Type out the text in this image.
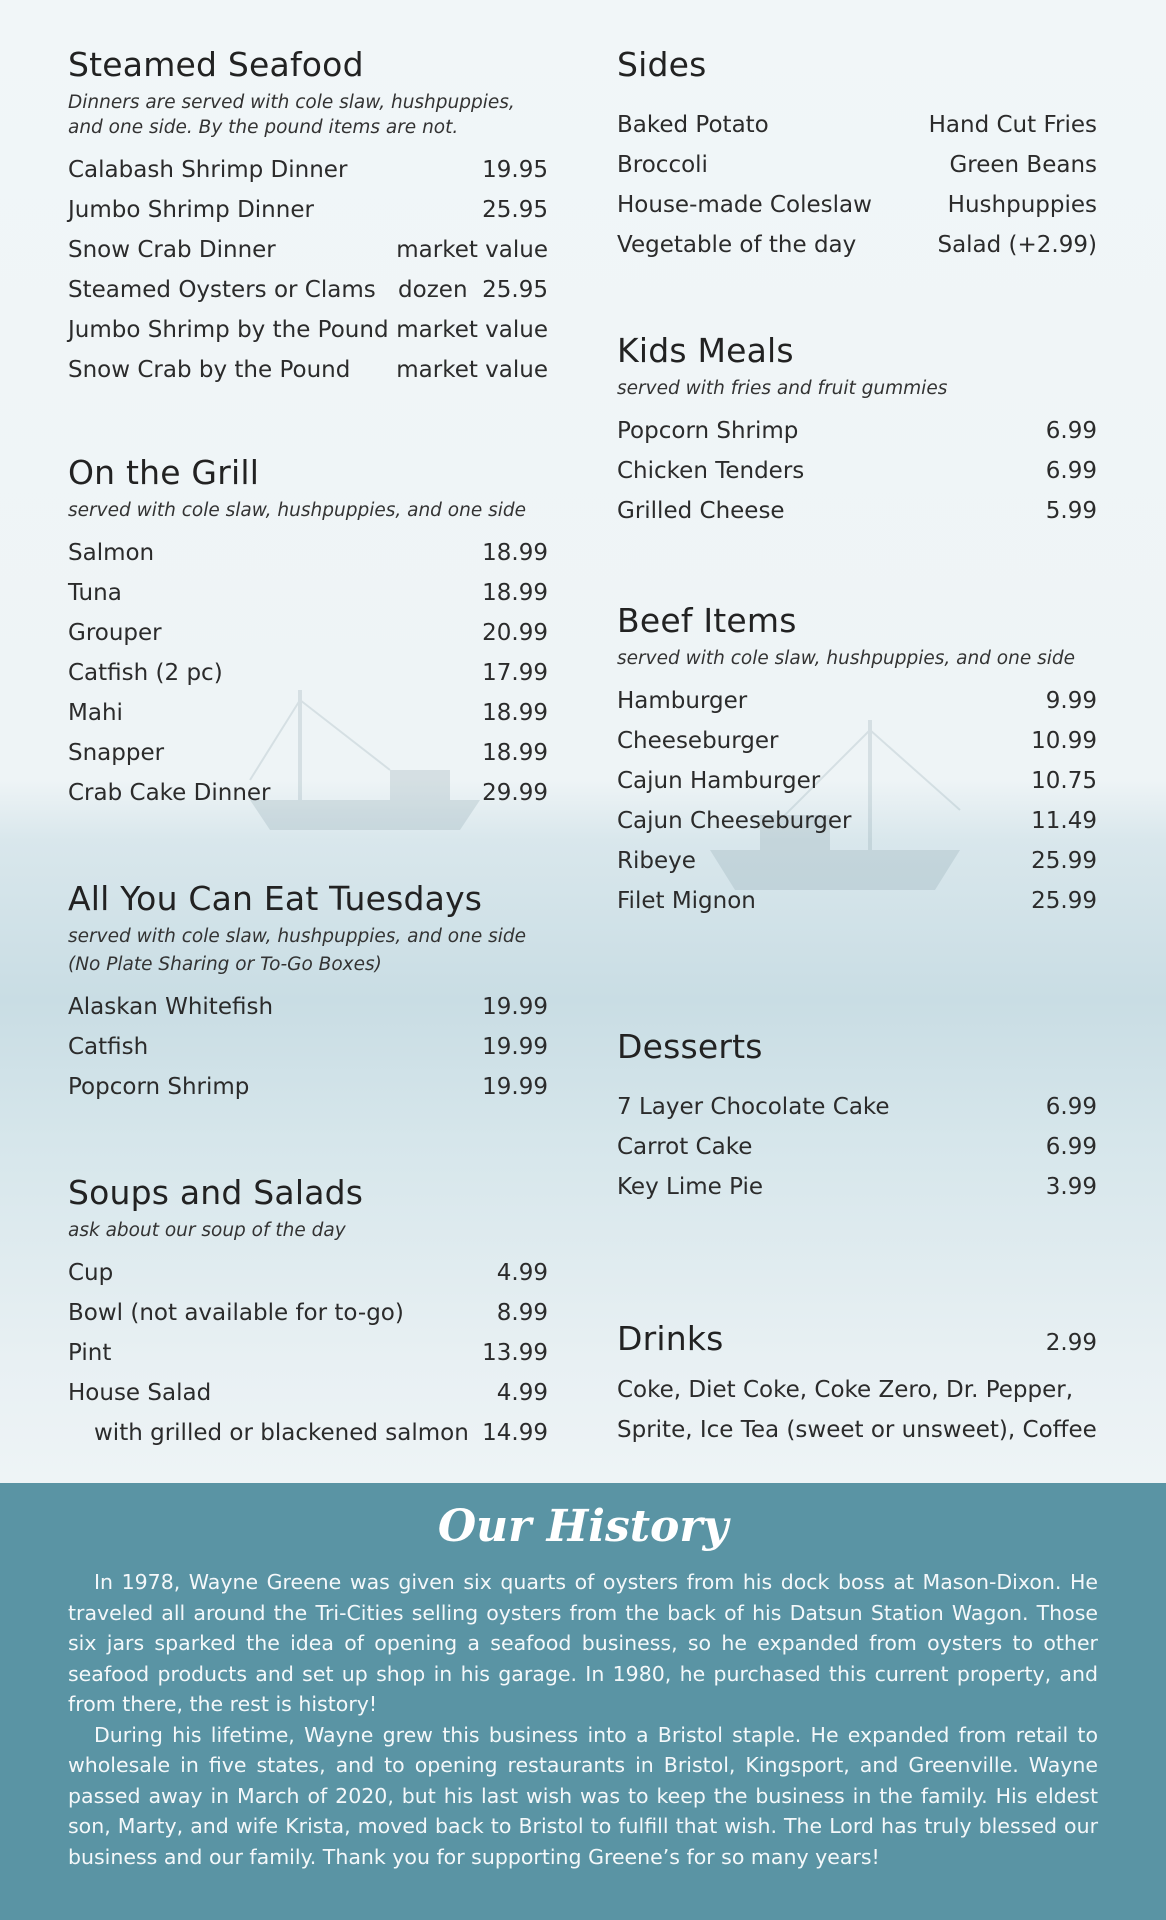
Steamed Seafood

Dinners are served with cole slaw, hushpuppies, and one side. By the pound items are not.

Calabash Shrimp Dinner	19.95
Jumbo Shrimp Dinner	25.95
Snow Crab Dinner	market value
Steamed Oysters or Clams dozen  25.95
Jumbo Shrimp by the Pound market value
Snow Crab by the Pound market value
On the Grill

served with cole slaw, hushpuppies, and one side

Salmon	18.99
Tuna	18.99
Grouper	20.99
Catfish (2 pc)	17.99
Mahi	18.99
Snapper	18.99
Crab Cake Dinner	29.99
All You Can Eat Tuesdays

served with cole slaw, hushpuppies, and one side

(No Plate Sharing or To-Go Boxes)

Alaskan Whitefish	19.99
Catfish	19.99
Popcorn Shrimp	19.99
Soups and Salads

ask about our soup of the day

Cup	4.99
Bowl (not available for to-go)	8.99
Pint	13.99
House Salad	4.99
with grilled or blackened salmon 14.99
Sides
Baked Potato	Hand Cut Fries
Broccoli	Green Beans
House-made Coleslaw	Hushpuppies
Vegetable of the day	Salad (+2.99)
Kids Meals

served with fries and fruit gummies

Popcorn Shrimp	6.99
Chicken Tenders	6.99
Grilled Cheese	5.99
Beef Items

served with cole slaw, hushpuppies, and one side

Hamburger	9.99
Cheeseburger	10.99
Cajun Hamburger	10.75
Cajun Cheeseburger	11.49
Ribeye	25.99
Filet Mignon	25.99
Desserts
7 Layer Chocolate Cake	6.99
Carrot Cake	6.99
Key Lime Pie	3.99
Drinks	2.99
Coke, Diet Coke, Coke Zero, Dr. Pepper,
Sprite, Ice Tea (sweet or unsweet), Coffee
Our History

In 1978, Wayne Greene was given six quarts of oysters from his dock boss at Mason-Dixon. He traveled all around the Tri-Cities selling oysters from the back of his Datsun Station Wagon. Those six jars sparked the idea of opening a seafood business, so he expanded from oysters to other seafood products and set up shop in his garage. In 1980, he purchased this current property, and from there, the rest is history!

During his lifetime, Wayne grew this business into a Bristol staple. He expanded from retail to wholesale in five states, and to opening restaurants in Bristol, Kingsport, and Greenville. Wayne passed away in March of 2020, but his last wish was to keep the business in the family. His eldest son, Marty, and wife Krista, moved back to Bristol to fulfill that wish. The Lord has truly blessed our business and our family. Thank you for supporting Greene’s for so many years!
